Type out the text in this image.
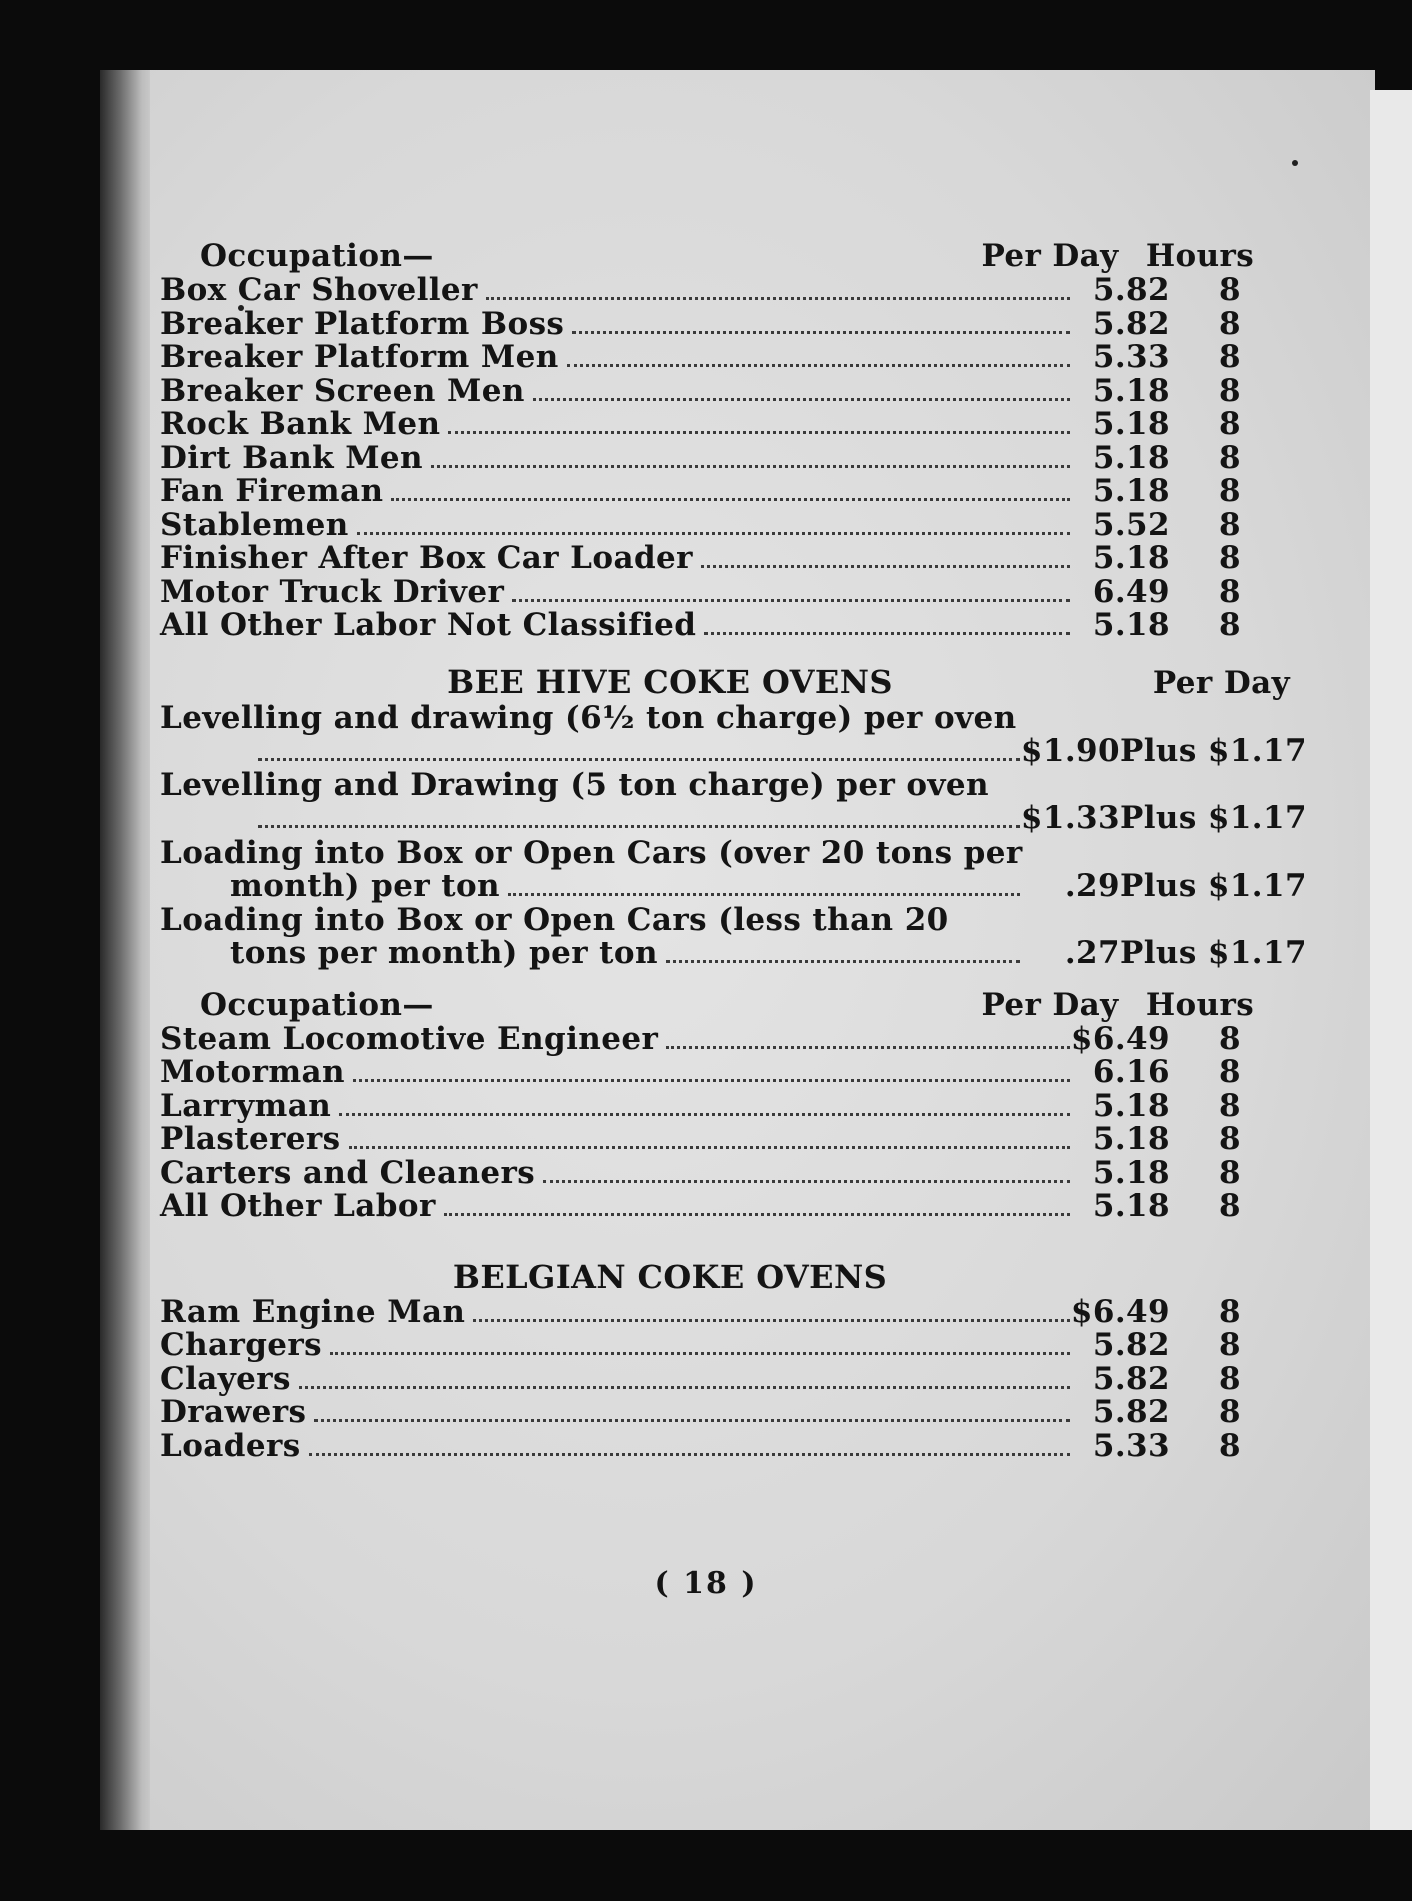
Occupation—	Per Day Hours
Box Car Shoveller	5.82	8
Breaker Platform Boss	5.82	8
Breaker Platform Men	5.33	8
Breaker Screen Men	5.18	8
Rock Bank Men	5.18	8
Dirt Bank Men	5.18	8
Fan Fireman	5.18	8
Stablemen	5.52	8
Finisher After Box Car Loader	5.18	8
Motor Truck Driver	6.49	8
All Other Labor Not Classified	5.18	8
BEE HIVE COKE OVENS	Per Day
Levelling and drawing (6½ ton charge) per oven
$1.90 Plus $1.17
Levelling and Drawing (5 ton charge) per oven
$1.33 Plus $1.17
Loading into Box or Open Cars (over 20 tons per
month) per ton	.29 Plus $1.17
Loading into Box or Open Cars (less than 20
tons per month) per ton	.27 Plus $1.17
Occupation—	Per Day Hours
Steam Locomotive Engineer	$6.49	8
Motorman	6.16	8
Larryman	5.18	8
Plasterers	5.18	8
Carters and Cleaners	5.18	8
All Other Labor	5.18	8
BELGIAN COKE OVENS
Ram Engine Man	$6.49	8
Chargers	5.82	8
Clayers	5.82	8
Drawers	5.82	8
Loaders	5.33	8
( 18 )
